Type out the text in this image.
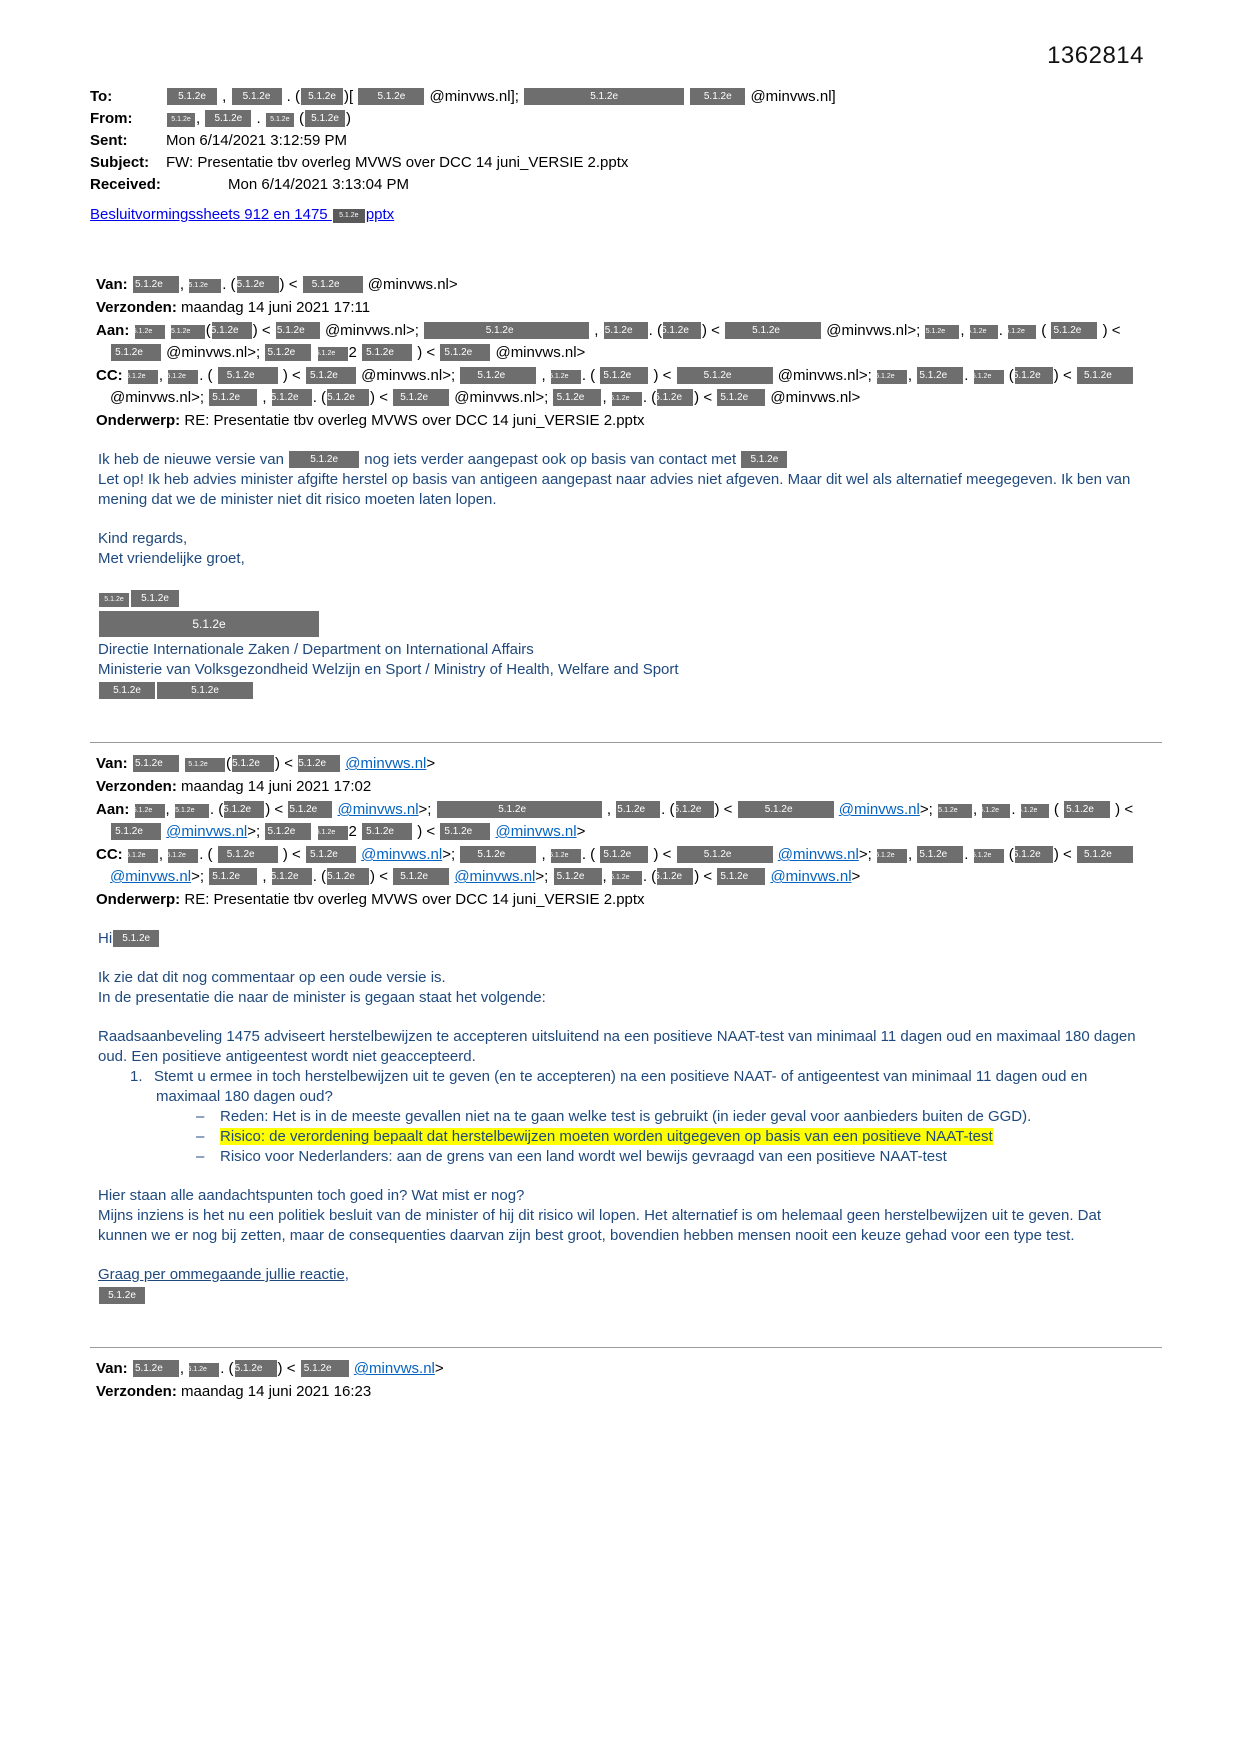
1362814
To:	5.1.2e , 5.1.2e . ( 5.1.2e )[ 5.1.2e @minvws.nl];	5.1.2e	5.1.2e @minvws.nl]
From:	5.1.2e , 5.1.2e . 5.1.2e ( 5.1.2e )
Sent:	Mon 6/14/2021 3:12:59 PM
Subject:	FW: Presentatie tbv overleg MVWS over DCC 14 juni_VERSIE 2.pptx
Received:	Mon 6/14/2021 3:13:04 PM
Besluitvormingssheets 912 en 1475 5.1.2e pptx
Van: 5.1.2e , 5.1.2e . (5.1.2e ) < 5.1.2e @minvws.nl>
Verzonden: maandag 14 juni 2021 17:11
Aan: 5.1.2e	5.1.2e (5.1.2e ) < 5.1.2e @minvws.nl>;	5.1.2e	, 5.1.2e . (5.1.2e ) <	5.1.2e	@minvws.nl>; 5.1.2e , 5.1.2e . 5.1.2e ( 5.1.2e ) < 5.1.2e @minvws.nl>; 5.1.2e	5.1.2e 2 5.1.2e ) < 5.1.2e @minvws.nl>
CC: 5.1.2e , 5.1.2e . ( 5.1.2e ) < 5.1.2e @minvws.nl>; 5.1.2e , 5.1.2e . ( 5.1.2e ) <	5.1.2e	@minvws.nl>; 5.1.2e , 5.1.2e . 5.1.2e (5.1.2e ) < 5.1.2e @minvws.nl>; 5.1.2e , 5.1.2e . (5.1.2e ) < 5.1.2e @minvws.nl>; 5.1.2e , 5.1.2e . (5.1.2e ) < 5.1.2e @minvws.nl>
Onderwerp: RE: Presentatie tbv overleg MVWS over DCC 14 juni_VERSIE 2.pptx
Ik heb de nieuwe versie van 5.1.2e nog iets verder aangepast ook op basis van contact met 5.1.2e
Let op! Ik heb advies minister afgifte herstel op basis van antigeen aangepast naar advies niet afgeven. Maar dit wel als alternatief meegegeven. Ik ben van mening dat we de minister niet dit risico moeten laten lopen.
Kind regards,
Met vriendelijke groet,
5.1.2e 5.1.2e
5.1.2e
Directie Internationale Zaken / Department on International Affairs
Ministerie van Volksgezondheid Welzijn en Sport / Ministry of Health, Welfare and Sport
5.1.2e	5.1.2e
Van: 5.1.2e	5.1.2e (5.1.2e ) < 5.1.2e @minvws.nl>
Verzonden: maandag 14 juni 2021 17:02
Aan: 5.1.2e , 5.1.2e . (5.1.2e ) < 5.1.2e @minvws.nl>;	5.1.2e	, 5.1.2e . (5.1.2e ) <	5.1.2e	@minvws.nl>; 5.1.2e , 5.1.2e . 5.1.2e ( 5.1.2e ) < 5.1.2e @minvws.nl>; 5.1.2e	5.1.2e 2 5.1.2e ) < 5.1.2e @minvws.nl>
CC: 5.1.2e , 5.1.2e . ( 5.1.2e ) < 5.1.2e @minvws.nl>; 5.1.2e , 5.1.2e . ( 5.1.2e ) <	5.1.2e	@minvws.nl>; 5.1.2e , 5.1.2e . 5.1.2e (5.1.2e ) < 5.1.2e @minvws.nl>; 5.1.2e , 5.1.2e . (5.1.2e ) < 5.1.2e @minvws.nl>; 5.1.2e , 5.1.2e . (5.1.2e ) < 5.1.2e @minvws.nl>
Onderwerp: RE: Presentatie tbv overleg MVWS over DCC 14 juni_VERSIE 2.pptx
Hi 5.1.2e
Ik zie dat dit nog commentaar op een oude versie is.
In de presentatie die naar de minister is gegaan staat het volgende:
Raadsaanbeveling 1475 adviseert herstelbewijzen te accepteren uitsluitend na een positieve NAAT-test van minimaal 11 dagen oud en maximaal 180 dagen oud. Een positieve antigeentest wordt niet geaccepteerd.
1. Stemt u ermee in toch herstelbewijzen uit te geven (en te accepteren) na een positieve NAAT- of antigeentest van minimaal 11 dagen oud en maximaal 180 dagen oud?
– Reden: Het is in de meeste gevallen niet na te gaan welke test is gebruikt (in ieder geval voor aanbieders buiten de GGD).
– Risico: de verordening bepaalt dat herstelbewijzen moeten worden uitgegeven op basis van een positieve NAAT-test
– Risico voor Nederlanders: aan de grens van een land wordt wel bewijs gevraagd van een positieve NAAT-test
Hier staan alle aandachtspunten toch goed in? Wat mist er nog?
Mijns inziens is het nu een politiek besluit van de minister of hij dit risico wil lopen. Het alternatief is om helemaal geen herstelbewijzen uit te geven. Dat kunnen we er nog bij zetten, maar de consequenties daarvan zijn best groot, bovendien hebben mensen nooit een keuze gehad voor een type test.
Graag per ommegaande jullie reactie,
5.1.2e
Van: 5.1.2e , 5.1.2e . (5.1.2e ) < 5.1.2e @minvws.nl>
Verzonden: maandag 14 juni 2021 16:23
